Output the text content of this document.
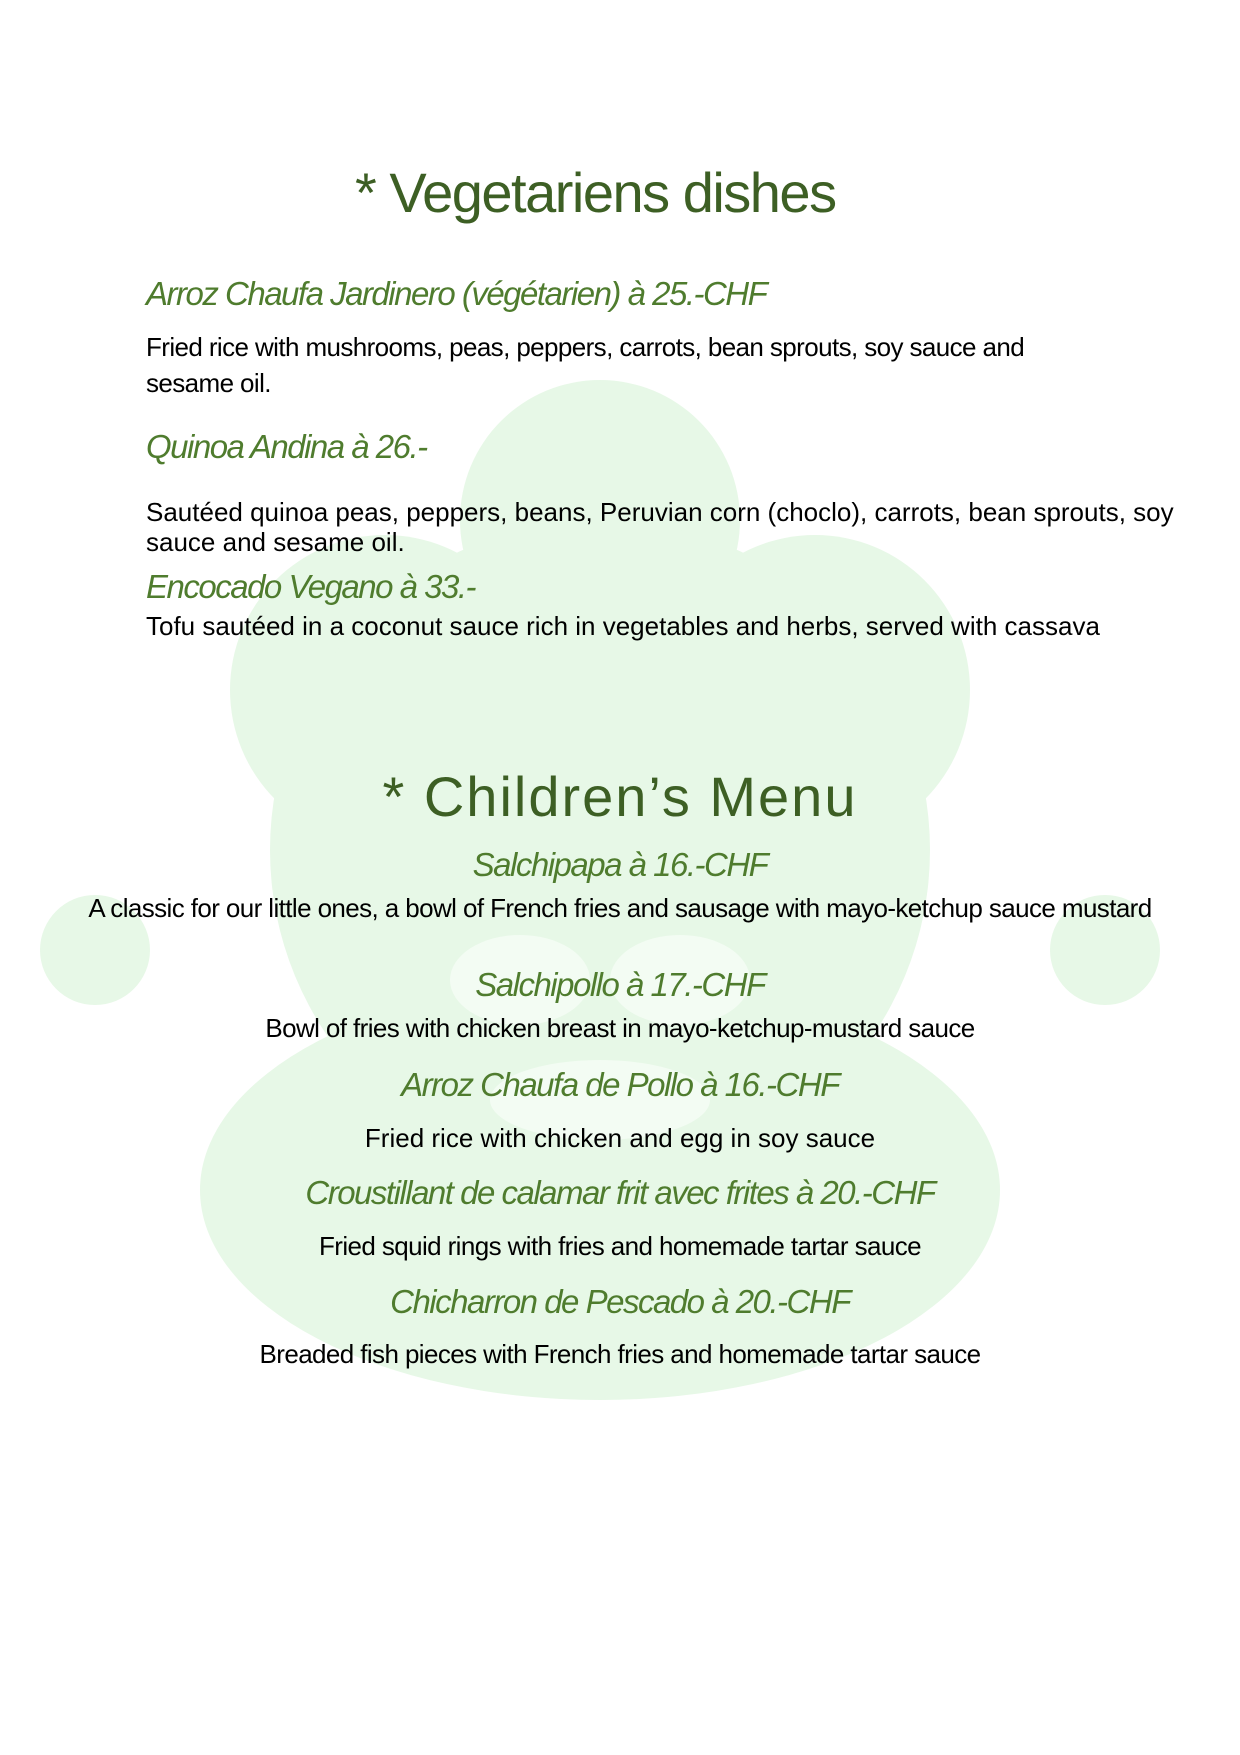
* Vegetariens dishes
Arroz Chaufa Jardinero (végétarien) à 25.-CHF

Fried rice with mushrooms, peas, peppers, carrots, bean sprouts, soy sauce and sesame oil.

Quinoa Andina à 26.-

Sautéed quinoa peas, peppers, beans, Peruvian corn (choclo), carrots, bean sprouts, soy sauce and sesame oil.

Encocado Vegano à 33.-

Tofu sautéed in a coconut sauce rich in vegetables and herbs, served with cassava

* Children’s Menu
Salchipapa à 16.-CHF

A classic for our little ones, a bowl of French fries and sausage with mayo-ketchup sauce mustard

Salchipollo à 17.-CHF

Bowl of fries with chicken breast in mayo-ketchup-mustard sauce

Arroz Chaufa de Pollo à 16.-CHF

Fried rice with chicken and egg in soy sauce

Croustillant de calamar frit avec frites à 20.-CHF

Fried squid rings with fries and homemade tartar sauce

Chicharron de Pescado à 20.-CHF

Breaded fish pieces with French fries and homemade tartar sauce
